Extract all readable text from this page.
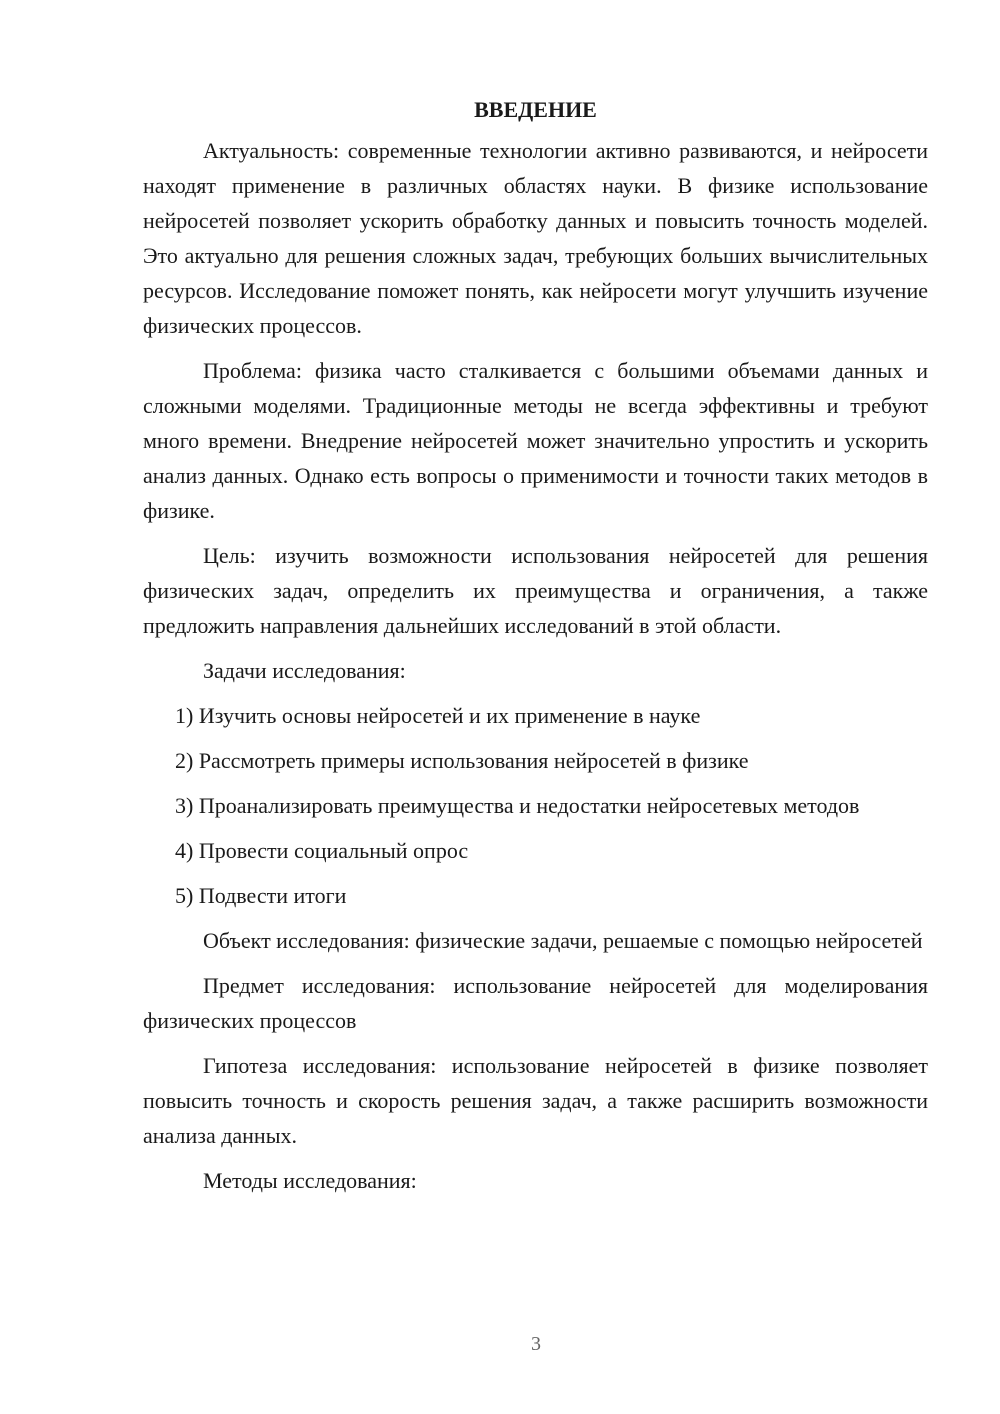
ВВЕДЕНИЕ

Актуальность: современные технологии активно развиваются, и нейросети находят применение в различных областях науки. В физике использование нейросетей позволяет ускорить обработку данных и повысить точность моделей. Это актуально для решения сложных задач, требующих больших вычислительных ресурсов. Исследование поможет понять, как нейросети могут улучшить изучение физических процессов.

Проблема: физика часто сталкивается с большими объемами данных и сложными моделями. Традиционные методы не всегда эффективны и требуют много времени. Внедрение нейросетей может значительно упростить и ускорить анализ данных. Однако есть вопросы о применимости и точности таких методов в физике.

Цель: изучить возможности использования нейросетей для решения физических задач, определить их преимущества и ограничения, а также предложить направления дальнейших исследований в этой области.

Задачи исследования:

1) Изучить основы нейросетей и их применение в науке

2) Рассмотреть примеры использования нейросетей в физике

3) Проанализировать преимущества и недостатки нейросетевых методов

4) Провести социальный опрос

5) Подвести итоги

Объект исследования: физические задачи, решаемые с помощью нейросетей

Предмет исследования: использование нейросетей для моделирования физических процессов

Гипотеза исследования: использование нейросетей в физике позволяет повысить точность и скорость решения задач, а также расширить возможности анализа данных.

Методы исследования:

3
